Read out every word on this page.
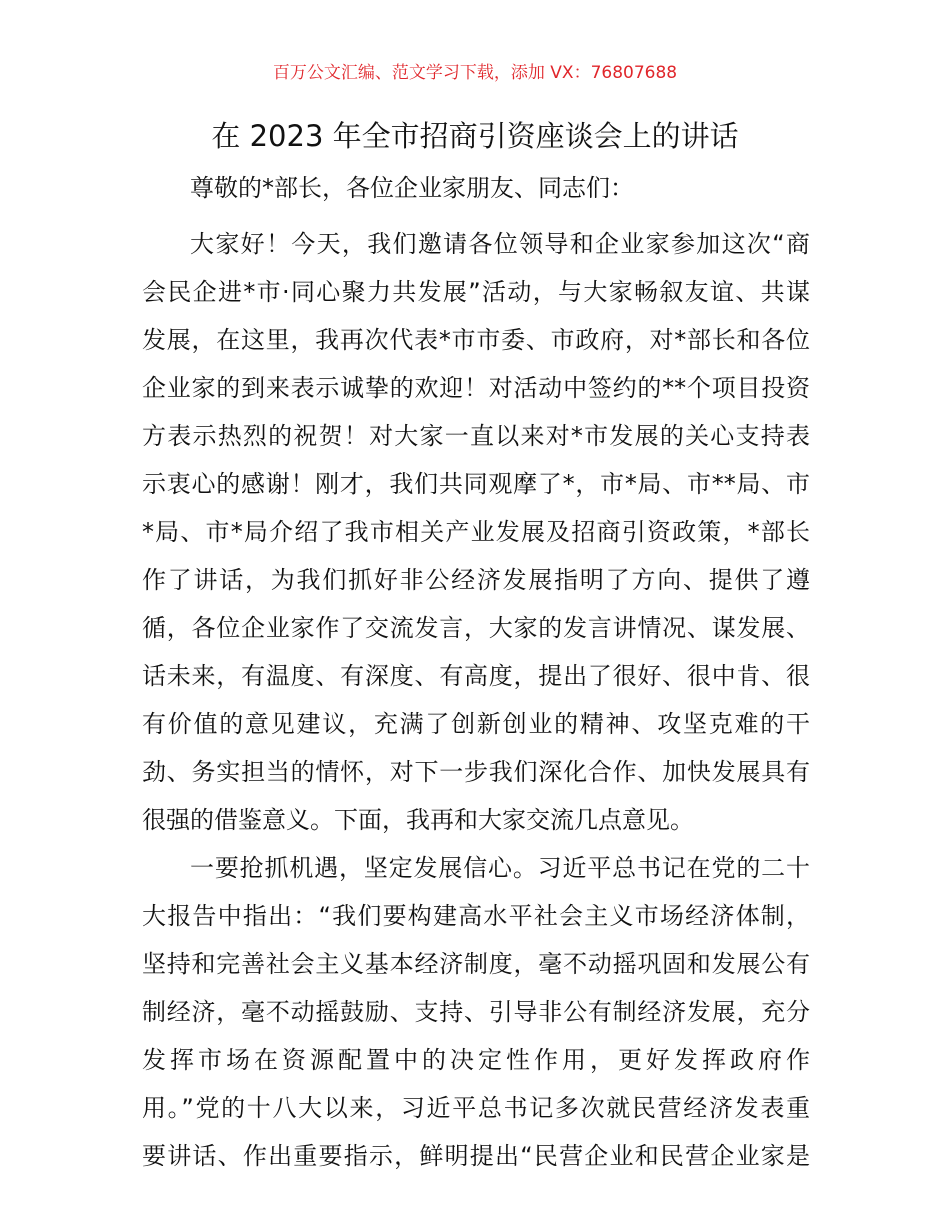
百万公文汇编、范文学习下载，添加 VX：76807688
在 2023 年全市招商引资座谈会上的讲话
尊敬的*部长，各位企业家朋友、同志们：
大家好！今天，我们邀请各位领导和企业家参加这次“商
会民企进*市·同心聚力共发展”活动，与大家畅叙友谊、共谋
发展，在这里，我再次代表*市市委、市政府，对*部长和各位
企业家的到来表示诚挚的欢迎！对活动中签约的**个项目投资
方表示热烈的祝贺！对大家一直以来对*市发展的关心支持表
示衷心的感谢！刚才，我们共同观摩了*，市*局、市**局、市
*局、市*局介绍了我市相关产业发展及招商引资政策，*部长
作了讲话，为我们抓好非公经济发展指明了方向、提供了遵
循，各位企业家作了交流发言，大家的发言讲情况、谋发展、
话未来，有温度、有深度、有高度，提出了很好、很中肯、很
有价值的意见建议，充满了创新创业的精神、攻坚克难的干
劲、务实担当的情怀，对下一步我们深化合作、加快发展具有
很强的借鉴意义。下面，我再和大家交流几点意见。
一要抢抓机遇，坚定发展信心。习近平总书记在党的二十
大报告中指出：“我们要构建高水平社会主义市场经济体制，
坚持和完善社会主义基本经济制度，毫不动摇巩固和发展公有
制经济，毫不动摇鼓励、支持、引导非公有制经济发展，充分
发挥市场在资源配置中的决定性作用，更好发挥政府作
用。”党的十八大以来，习近平总书记多次就民营经济发表重
要讲话、作出重要指示，鲜明提出“民营企业和民营企业家是
